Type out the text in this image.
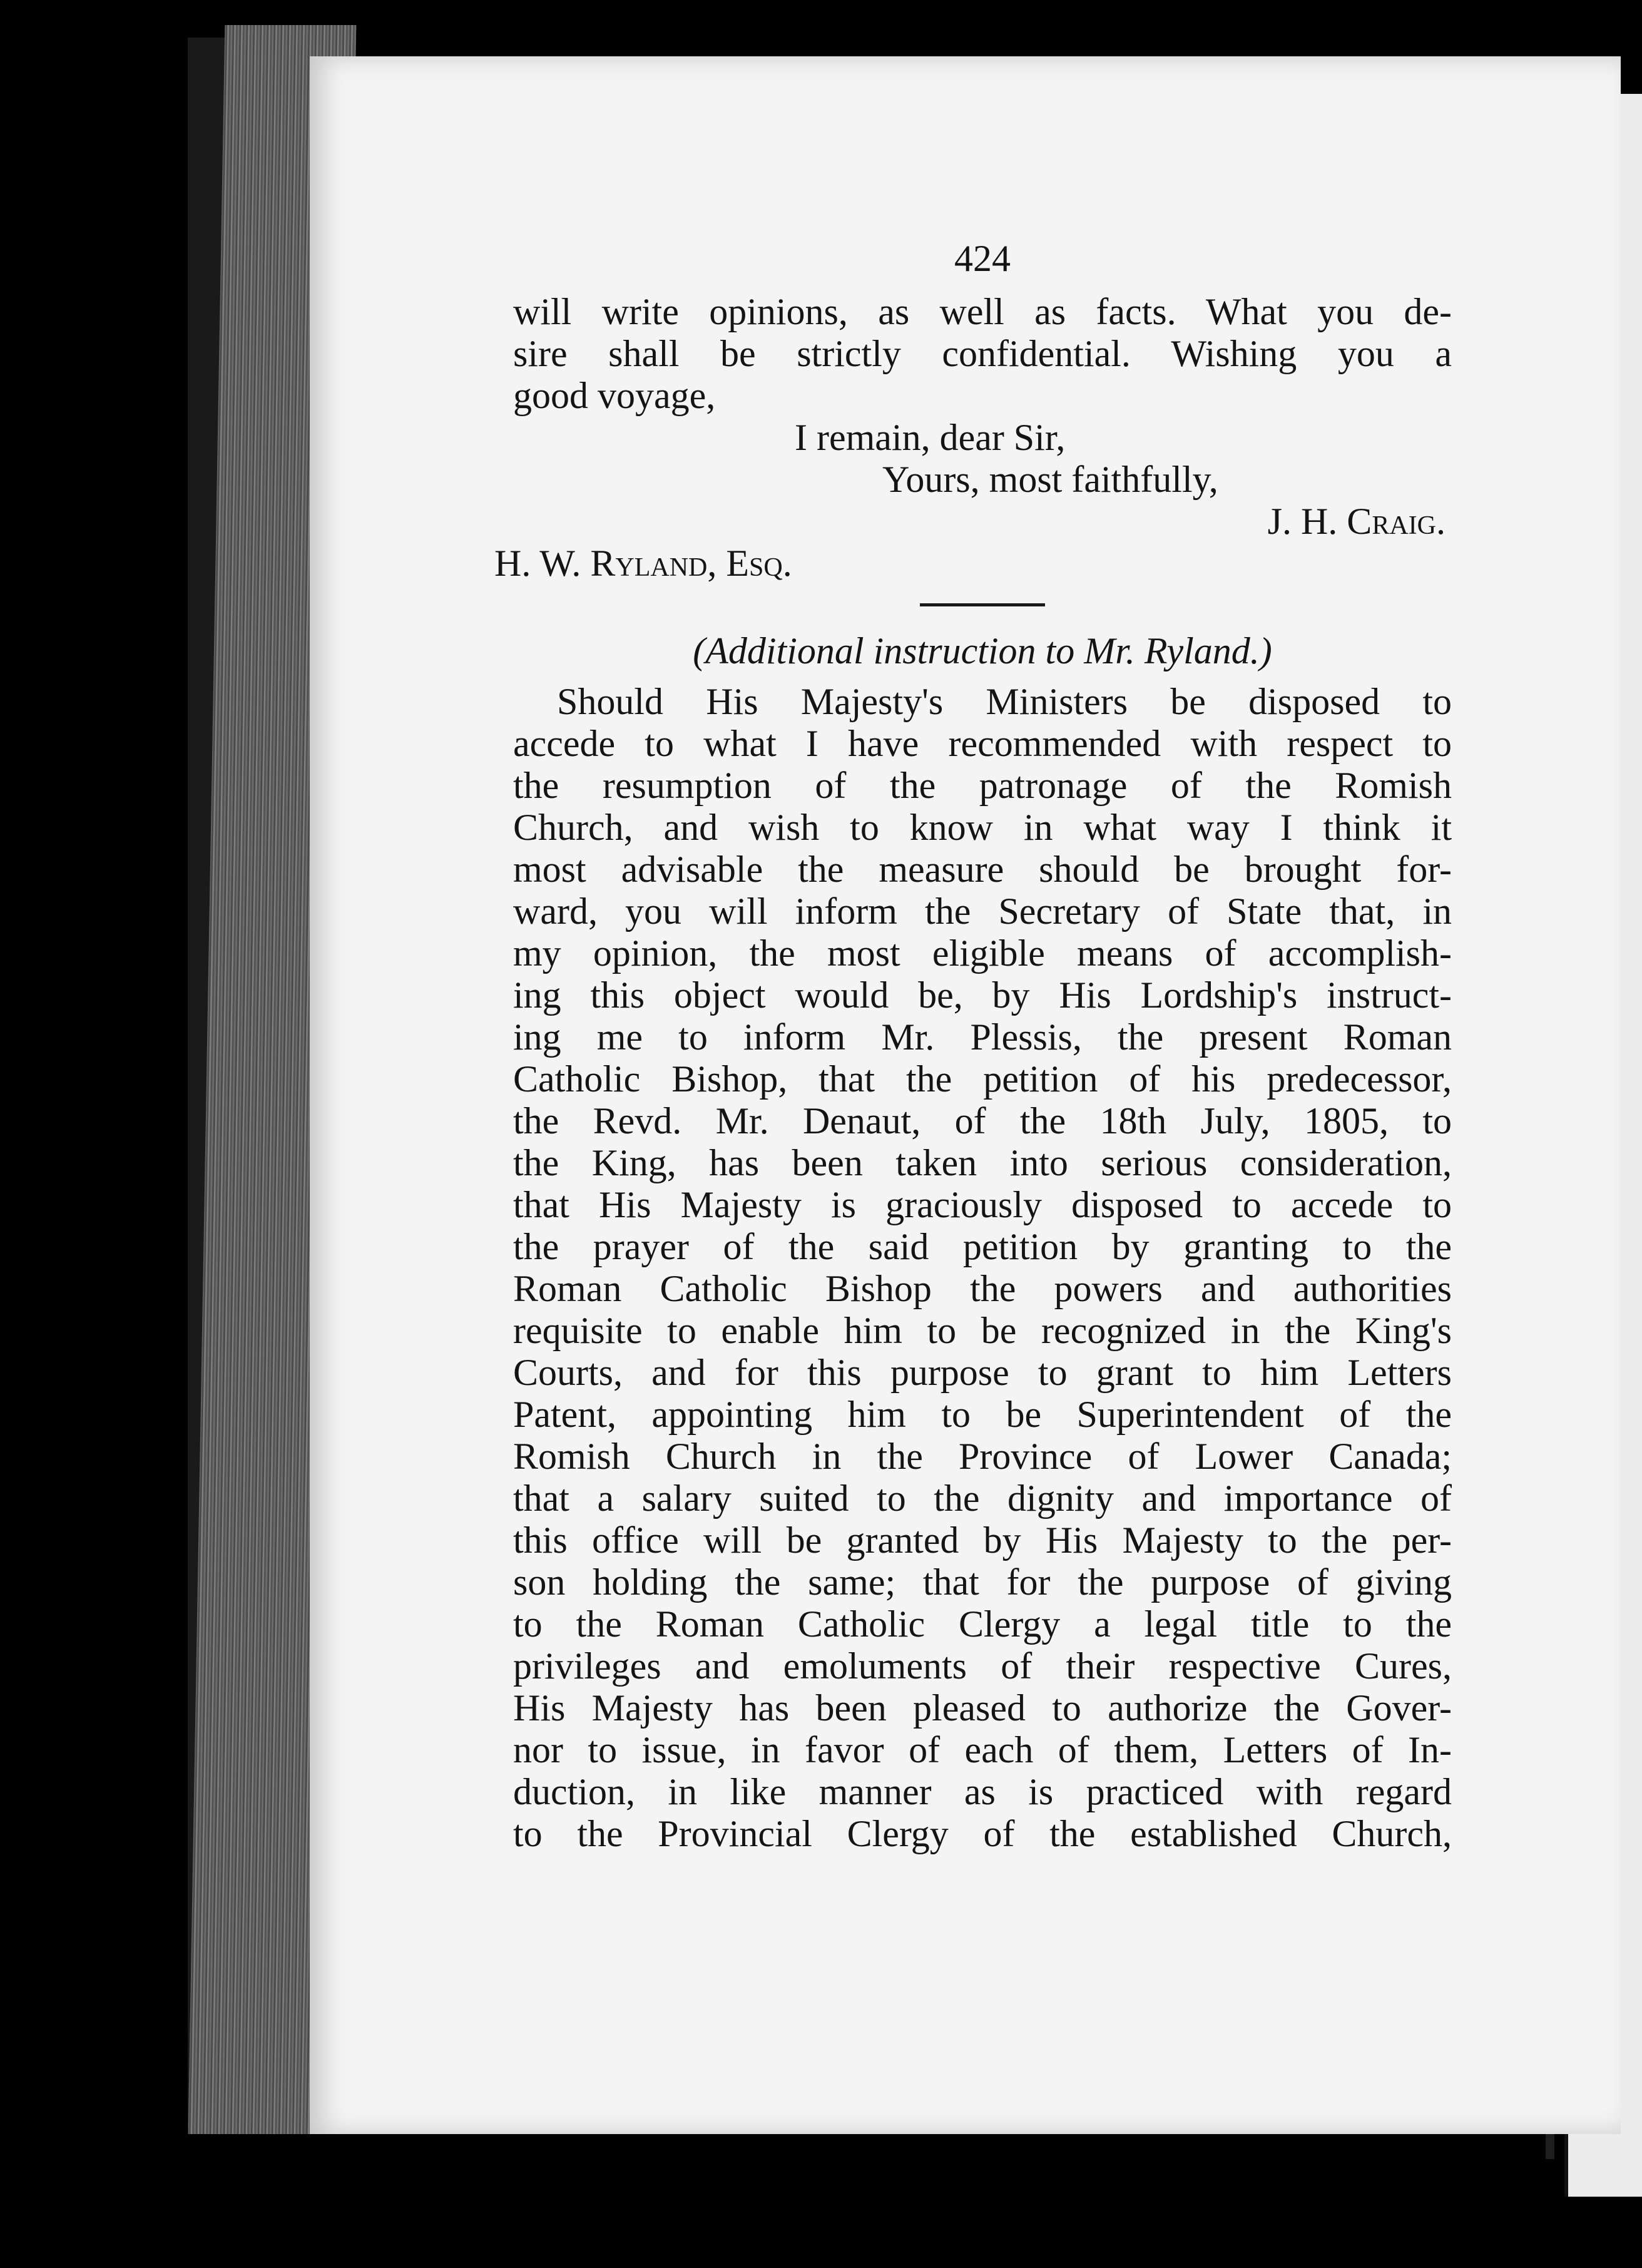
424
will write opinions, as well as facts. What you de-
sire shall be strictly confidential. Wishing you a
good voyage,
I remain, dear Sir,
Yours, most faithfully,
J. H. Craig.
H. W. Ryland, Esq.
(Additional instruction to Mr. Ryland.)
Should His Majesty's Ministers be disposed to
accede to what I have recommended with respect to
the resumption of the patronage of the Romish
Church, and wish to know in what way I think it
most advisable the measure should be brought for-
ward, you will inform the Secretary of State that, in
my opinion, the most eligible means of accomplish-
ing this object would be, by His Lordship's instruct-
ing me to inform Mr. Plessis, the present Roman
Catholic Bishop, that the petition of his predecessor,
the Revd. Mr. Denaut, of the 18th July, 1805, to
the King, has been taken into serious consideration,
that His Majesty is graciously disposed to accede to
the prayer of the said petition by granting to the
Roman Catholic Bishop the powers and authorities
requisite to enable him to be recognized in the King's
Courts, and for this purpose to grant to him Letters
Patent, appointing him to be Superintendent of the
Romish Church in the Province of Lower Canada;
that a salary suited to the dignity and importance of
this office will be granted by His Majesty to the per-
son holding the same; that for the purpose of giving
to the Roman Catholic Clergy a legal title to the
privileges and emoluments of their respective Cures,
His Majesty has been pleased to authorize the Gover-
nor to issue, in favor of each of them, Letters of In-
duction, in like manner as is practiced with regard
to the Provincial Clergy of the established Church,
